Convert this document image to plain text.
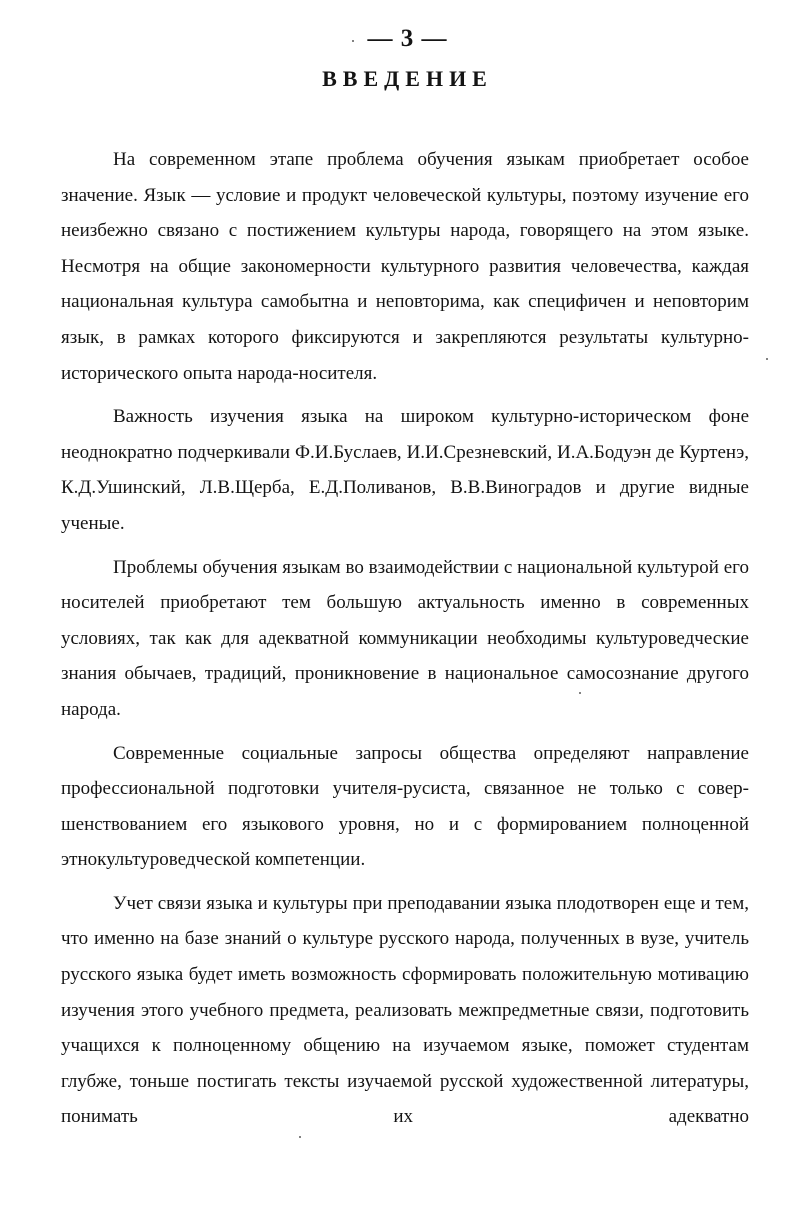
— 3 —
ВВЕДЕНИЕ

На современном этапе проблема обучения языкам приобретает особое значение. Язык — условие и продукт человеческой культуры, поэтому изучение его неизбежно связано с постижением культуры народа, говорящего на этом языке. Несмотря на общие закономерности культурного развития человечества, каждая национальная культура самобытна и неповторима, как специфичен и неповторим язык, в рамках которого фиксируются и закрепляются результаты культурно-исторического опыта народа-носителя.

Важность изучения языка на широком культурно-историческом фоне неоднократно подчеркивали Ф.И.Буслаев, И.И.Срезневский, И.А.Бодуэн де Куртенэ, К.Д.Ушинский, Л.В.Щерба, Е.Д.Поливанов, В.В.Виноградов и другие видные ученые.

Проблемы обучения языкам во взаимодействии с национальной культурой его носителей приобретают тем большую актуальность именно в современных условиях, так как для адекватной коммуникации необходимы культуроведческие знания обычаев, традиций, проникновение в национальное самосознание другого народа.

Современные социальные запросы общества определяют направление профессиональной подготовки учителя-русиста, связанное не только с совершенствованием его языкового уровня, но и с формированием полноценной этнокультуроведческой компетенции.

Учет связи языка и культуры при преподавании языка плодотворен еще и тем, что именно на базе знаний о культуре русского народа, полученных в вузе, учитель русского языка будет иметь возможность сформировать положительную мотивацию изучения этого учебного предмета, реализовать межпредметные связи, подготовить учащихся к полноценному общению на изучаемом языке, поможет студентам глубже, тоньше постигать тексты изучаемой русской художественной литературы, понимать их адекватно
